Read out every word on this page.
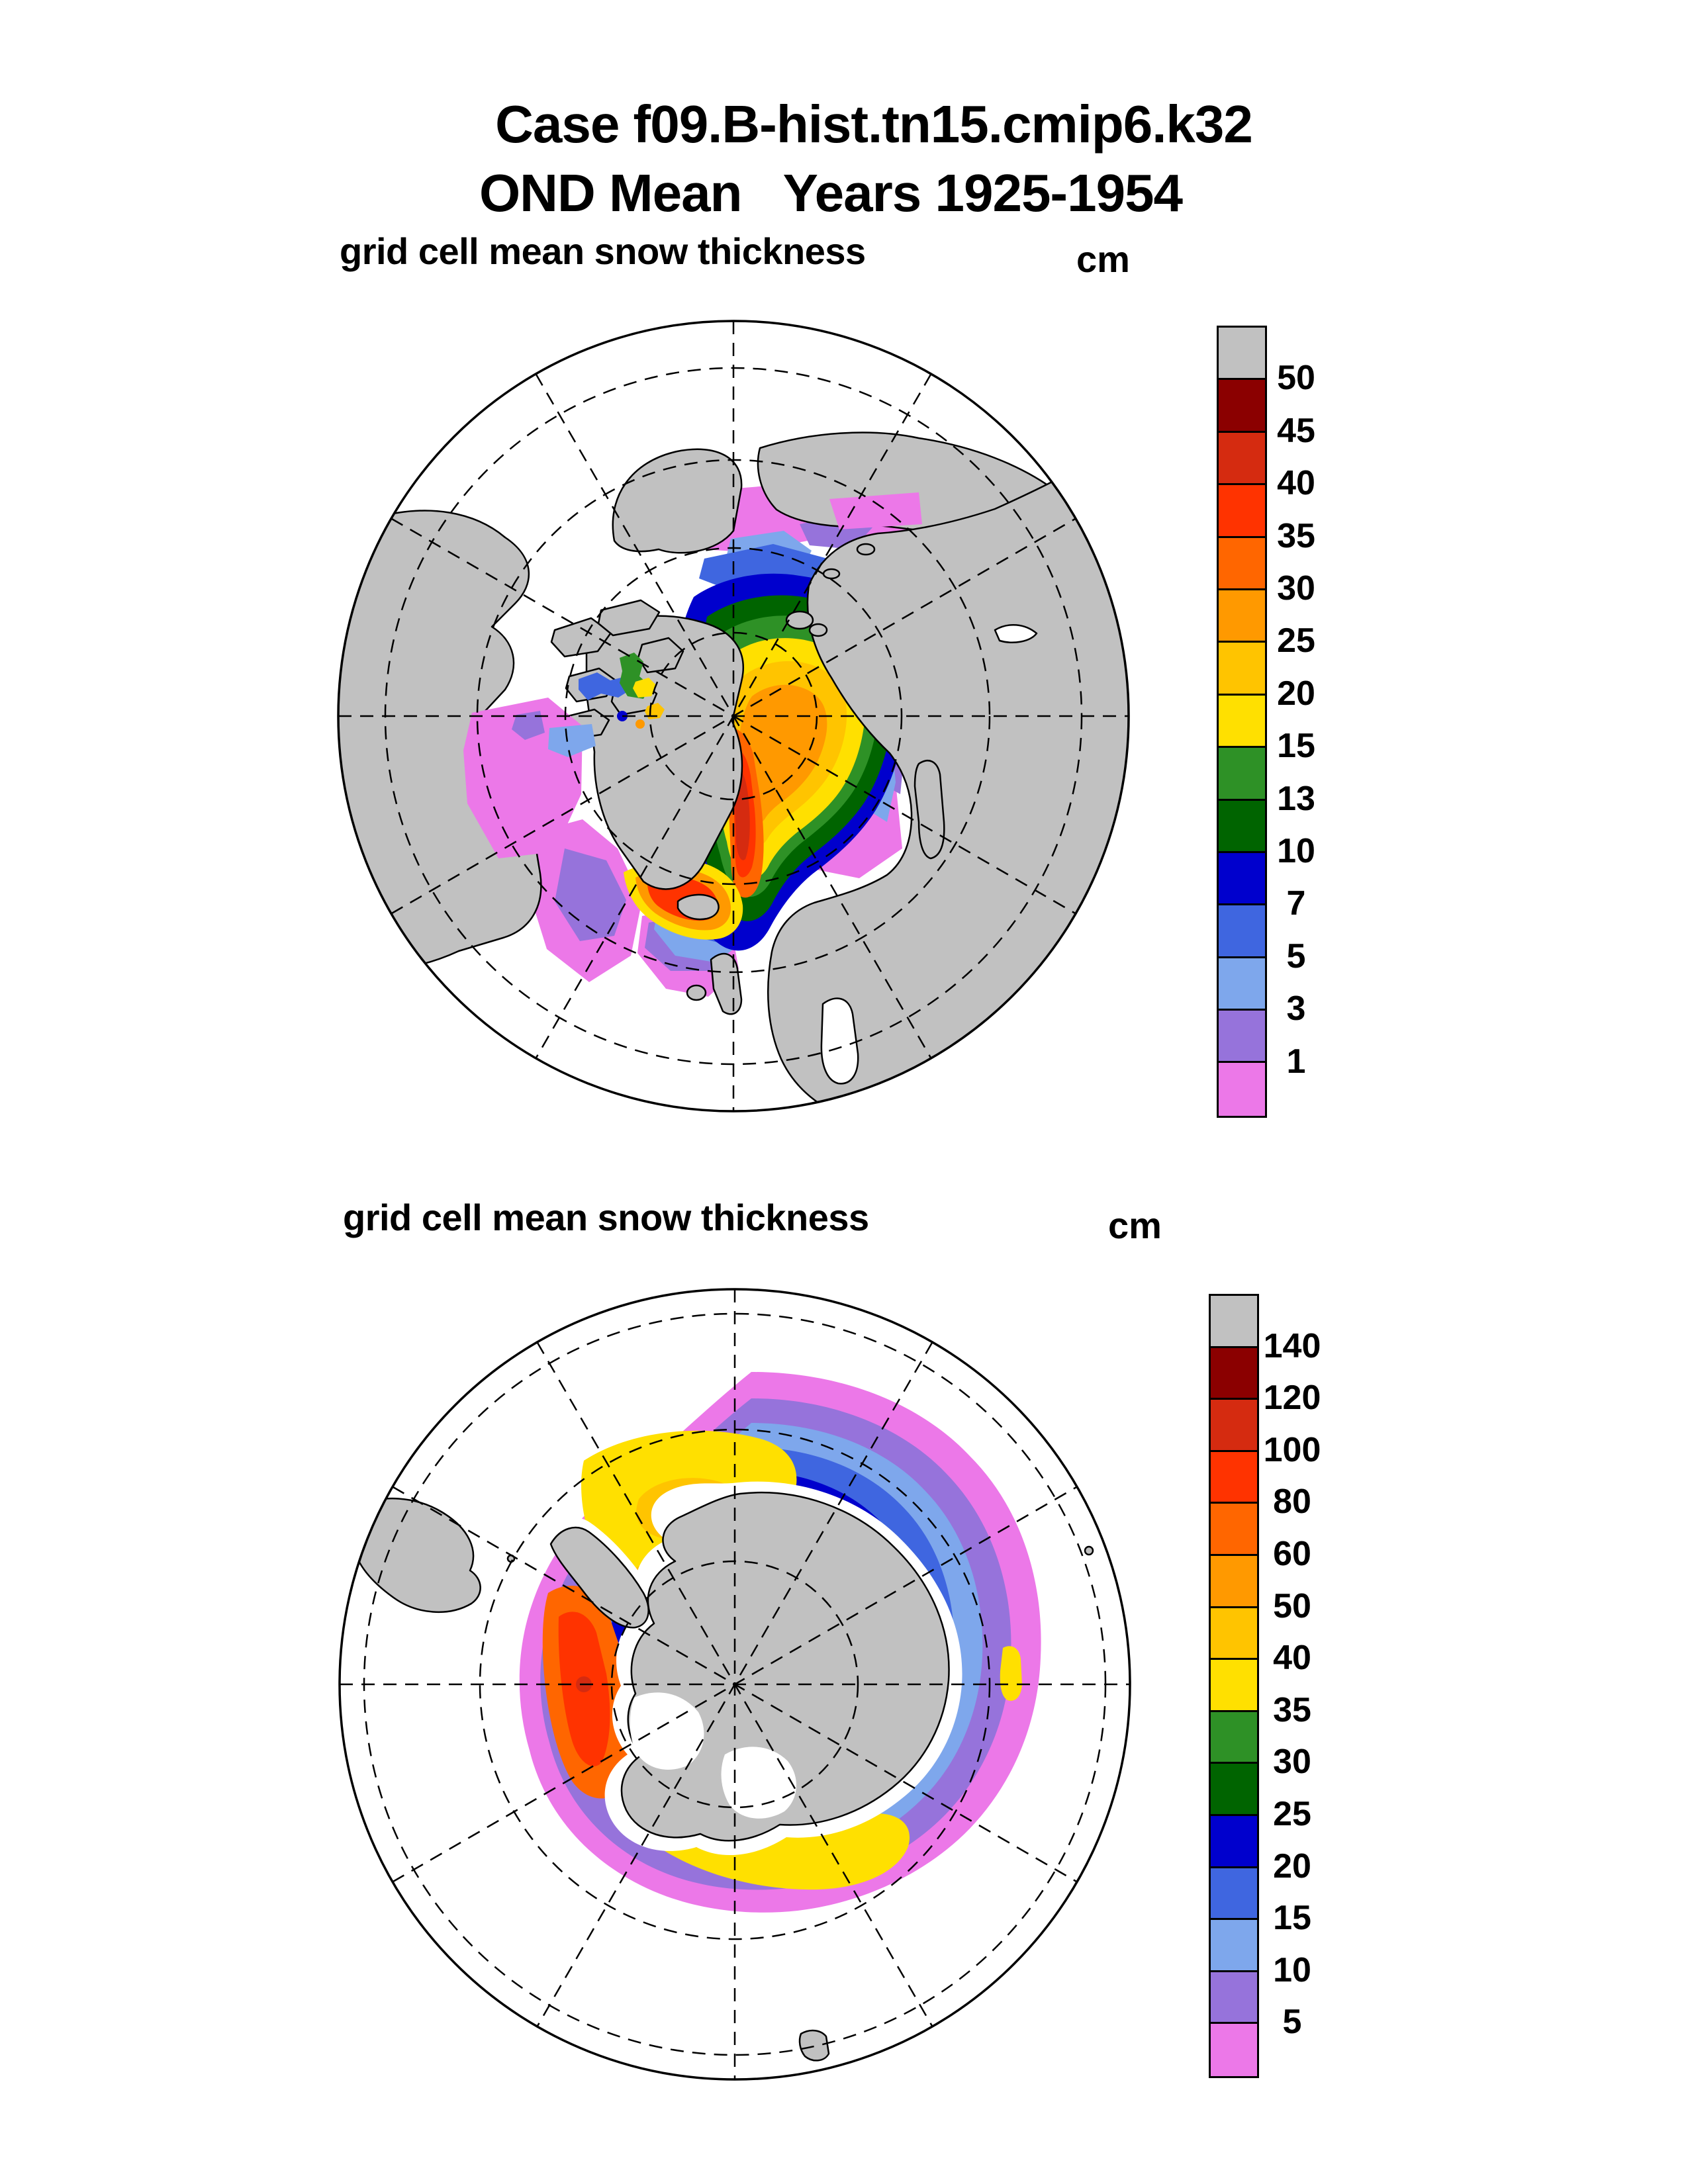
Case f09.B-hist.tn15.cmip6.k32
OND Mean   Years 1925-1954
grid cell mean snow thickness	cm
50
45
40
35
30
25
20
15
13
10
7
5
3
1
grid cell mean snow thickness	cm
140
120
100
80
60
50
40
35
30
25
20
15
10
5
